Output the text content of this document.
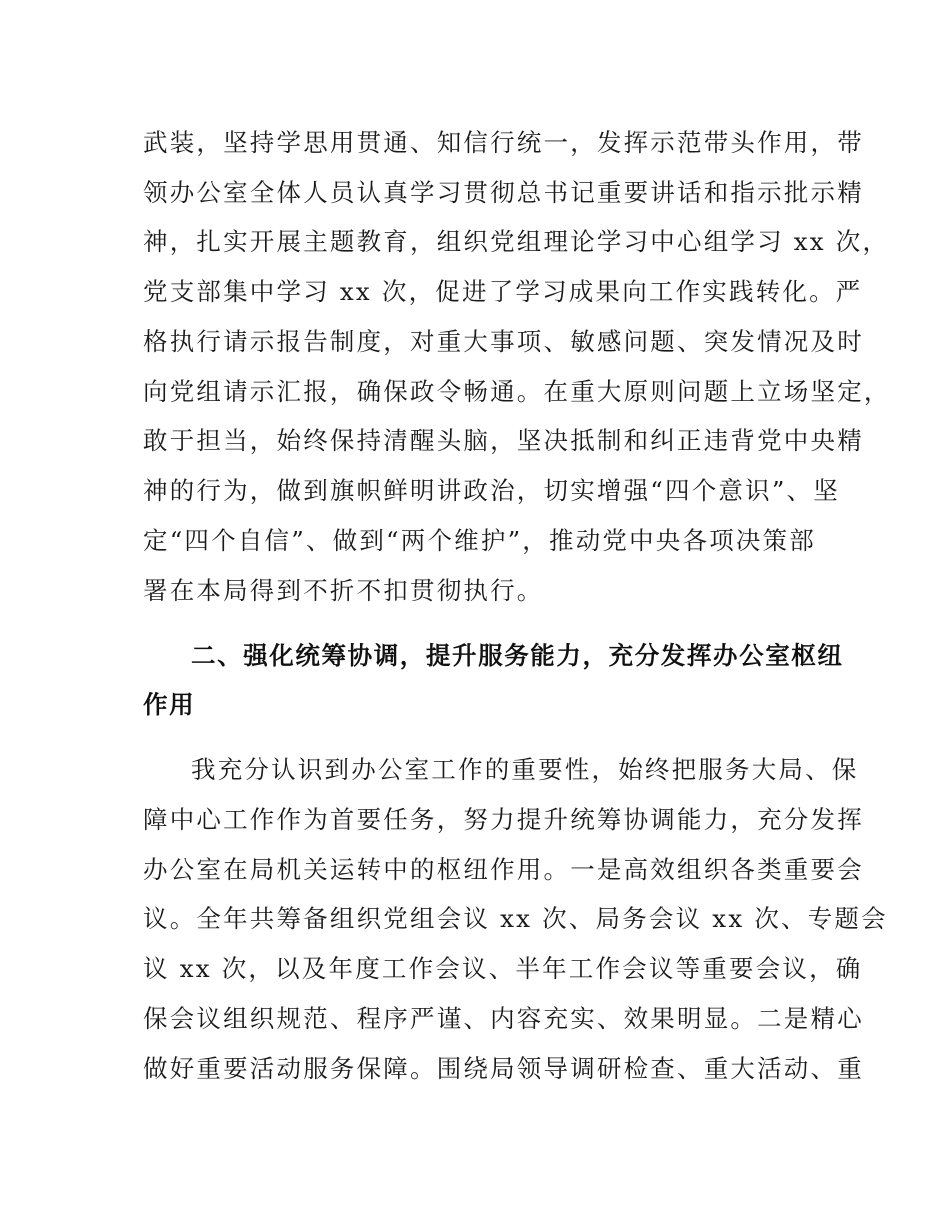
武装，坚持学思用贯通、知信行统一，发挥示范带头作用，带
领办公室全体人员认真学习贯彻总书记重要讲话和指示批示精
神，扎实开展主题教育，组织党组理论学习中心组学习 xx 次，
党支部集中学习 xx 次，促进了学习成果向工作实践转化。严
格执行请示报告制度，对重大事项、敏感问题、突发情况及时
向党组请示汇报，确保政令畅通。在重大原则问题上立场坚定，
敢于担当，始终保持清醒头脑，坚决抵制和纠正违背党中央精
神的行为，做到旗帜鲜明讲政治，切实增强“四个意识”、坚
定“四个自信”、做到“两个维护”，推动党中央各项决策部
署在本局得到不折不扣贯彻执行。
二、强化统筹协调，提升服务能力，充分发挥办公室枢纽
作用
我充分认识到办公室工作的重要性，始终把服务大局、保
障中心工作作为首要任务，努力提升统筹协调能力，充分发挥
办公室在局机关运转中的枢纽作用。一是高效组织各类重要会
议。全年共筹备组织党组会议 xx 次、局务会议 xx 次、专题会
议 xx 次，以及年度工作会议、半年工作会议等重要会议，确
保会议组织规范、程序严谨、内容充实、效果明显。二是精心
做好重要活动服务保障。围绕局领导调研检查、重大活动、重
